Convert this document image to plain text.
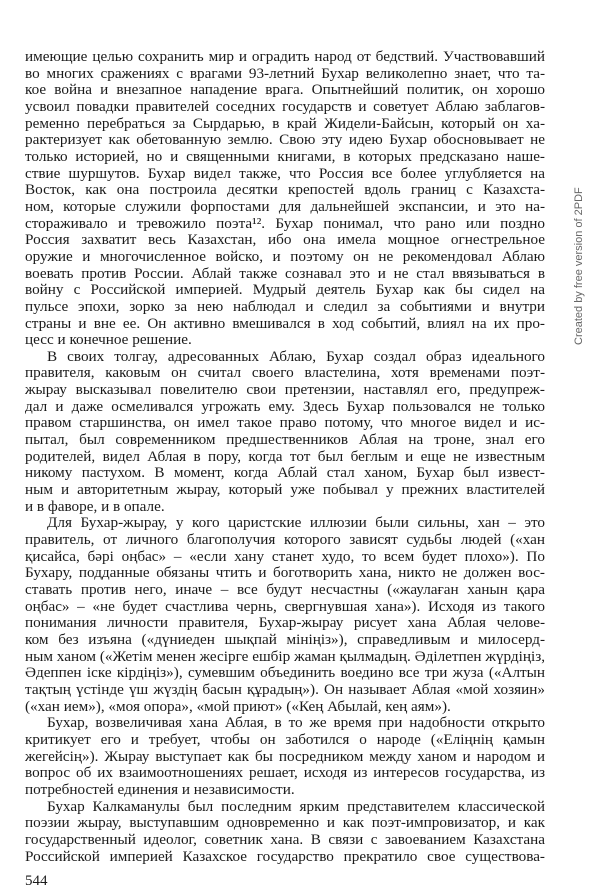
имеющие целью сохранить мир и оградить народ от бедствий. Участвовавший
во многих сражениях с врагами 93-летний Бухар великолепно знает, что та-
кое война и внезапное нападение врага. Опытнейший политик, он хорошо
усвоил повадки правителей соседних государств и советует Аблаю заблагов-
ременно перебраться за Сырдарью, в край Жидели-Байсын, который он ха-
рактеризует как обетованную землю. Свою эту идею Бухар обосновывает не
только историей, но и священными книгами, в которых предсказано наше-
ствие шуршутов. Бухар видел также, что Россия все более углубляется на
Восток, как она построила десятки крепостей вдоль границ с Казахста-
ном, которые служили форпостами для дальнейшей экспансии, и это на-
стораживало и тревожило поэта¹². Бухар понимал, что рано или поздно
Россия захватит весь Казахстан, ибо она имела мощное огнестрельное
оружие и многочисленное войско, и поэтому он не рекомендовал Аблаю
воевать против России. Аблай также сознавал это и не стал ввязываться в
войну с Российской империей. Мудрый деятель Бухар как бы сидел на
пульсе эпохи, зорко за нею наблюдал и следил за событиями и внутри
страны и вне ее. Он активно вмешивался в ход событий, влиял на их про-
цесс и конечное решение.
В своих толгау, адресованных Аблаю, Бухар создал образ идеального
правителя, каковым он считал своего властелина, хотя временами поэт-
жырау высказывал повелителю свои претензии, наставлял его, предупреж-
дал и даже осмеливался угрожать ему. Здесь Бухар пользовался не только
правом старшинства, он имел такое право потому, что многое видел и ис-
пытал, был современником предшественников Аблая на троне, знал его
родителей, видел Аблая в пору, когда тот был беглым и еще не известным
никому пастухом. В момент, когда Аблай стал ханом, Бухар был извест-
ным и авторитетным жырау, который уже побывал у прежних властителей
и в фаворе, и в опале.
Для Бухар-жырау, у кого царистские иллюзии были сильны, хан – это
правитель, от личного благополучия которого зависят судьбы людей («хан
қисайса, бәрі оңбас» – «если хану станет худо, то всем будет плохо»). По
Бухару, подданные обязаны чтить и боготворить хана, никто не должен вос-
ставать против него, иначе – все будут несчастны («жаулаған ханын қара
оңбас» – «не будет счастлива чернь, свергнувшая хана»). Исходя из такого
понимания личности правителя, Бухар-жырау рисует хана Аблая челове-
ком без изъяна («дүниеден шықпай мініңіз»), справедливым и милосерд-
ным ханом («Жетім менен жесірге ешбір жаман қылмадың. Әділетпен жүрдіңіз,
Әдеппен іске кірдіңіз»), сумевшим объединить воедино все три жуза («Алтын
тақтың үстінде үш жүздің басын құрадың»). Он называет Аблая «мой хозяин»
(«хан ием»), «моя опора», «мой приют» («Кең Абылай, кең аям»).
Бухар, возвеличивая хана Аблая, в то же время при надобности открыто
критикует его и требует, чтобы он заботился о народе («Еліңнің қамын
жегейсің»). Жырау выступает как бы посредником между ханом и народом и
вопрос об их взаимоотношениях решает, исходя из интересов государства, из
потребностей единения и независимости.
Бухар Калкаманулы был последним ярким представителем классической
поэзии жырау, выступавшим одновременно и как поэт-импровизатор, и как
государственный идеолог, советник хана. В связи с завоеванием Казахстана
Российской империей Казахское государство прекратило свое существова-
544
Created by free version of 2PDF
